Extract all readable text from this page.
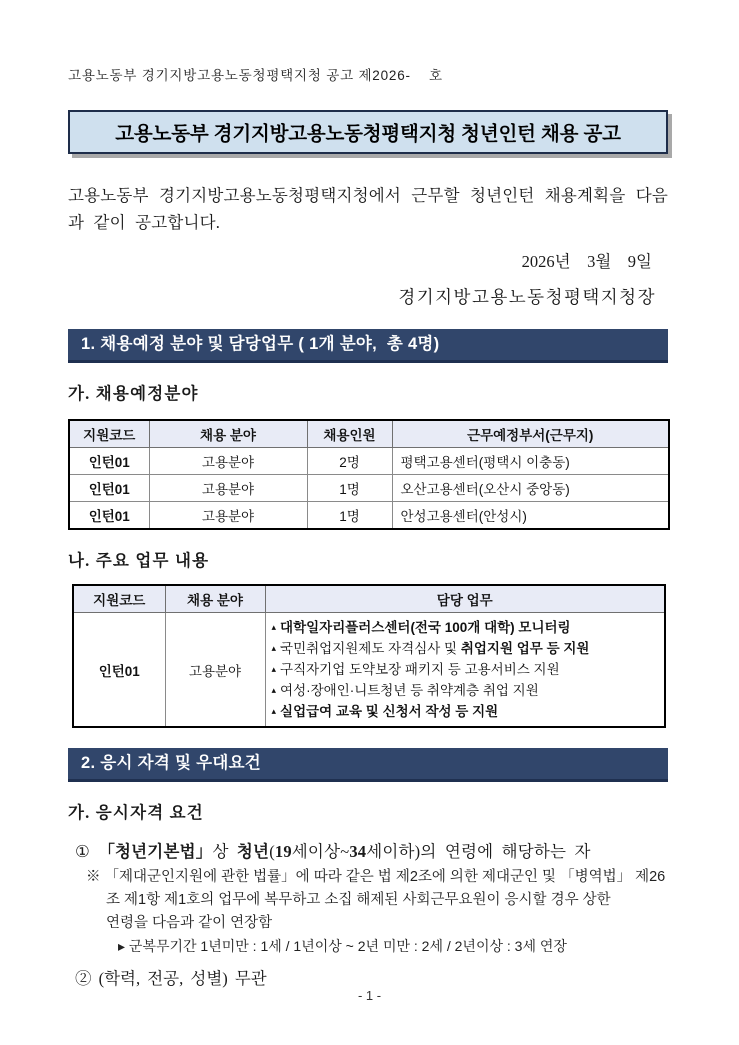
고용노동부 경기지방고용노동청평택지청 공고 제2026-    호
고용노동부 경기지방고용노동청평택지청 청년인턴 채용 공고
고용노동부 경기지방고용노동청평택지청에서 근무할 청년인턴 채용계획을 다음과 같이 공고합니다.
2026년    3월    9일
경기지방고용노동청평택지청장
1. 채용예정 분야 및 담당업무 ( 1개 분야,  총 4명)
가. 채용예정분야
지원코드	채용 분야	채용인원	근무예정부서(근무지)
인턴01	고용분야	2명	평택고용센터(평택시 이충동)
인턴01	고용분야	1명	오산고용센터(오산시 중앙동)
인턴01	고용분야	1명	안성고용센터(안성시)
나. 주요 업무 내용
지원코드	채용 분야	담당 업무
인턴01	고용분야	▴ 대학일자리플러스센터(전국 100개 대학) 모니터링
▴ 국민취업지원제도 자격심사 및 취업지원 업무 등 지원
▴ 구직자기업 도약보장 패키지 등 고용서비스 지원
▴ 여성·장애인·니트청년 등 취약계층 취업 지원
▴ 실업급여 교육 및 신청서 작성 등 지원
2. 응시 자격 및 우대요건
가. 응시자격 요건
① 「청년기본법」상 청년(19세이상~34세이하)의 연령에 해당하는 자
※ 「제대군인지원에 관한 법률」에 따라 같은 법 제2조에 의한 제대군인 및 「병역법」 제26
조 제1항 제1호의 업무에 복무하고 소집 해제된 사회근무요원이 응시할 경우 상한
연령을 다음과 같이 연장함
▸ 군복무기간 1년미만 : 1세 / 1년이상 ~ 2년 미만 : 2세 / 2년이상 : 3세 연장
② (학력, 전공, 성별) 무관
- 1 -
